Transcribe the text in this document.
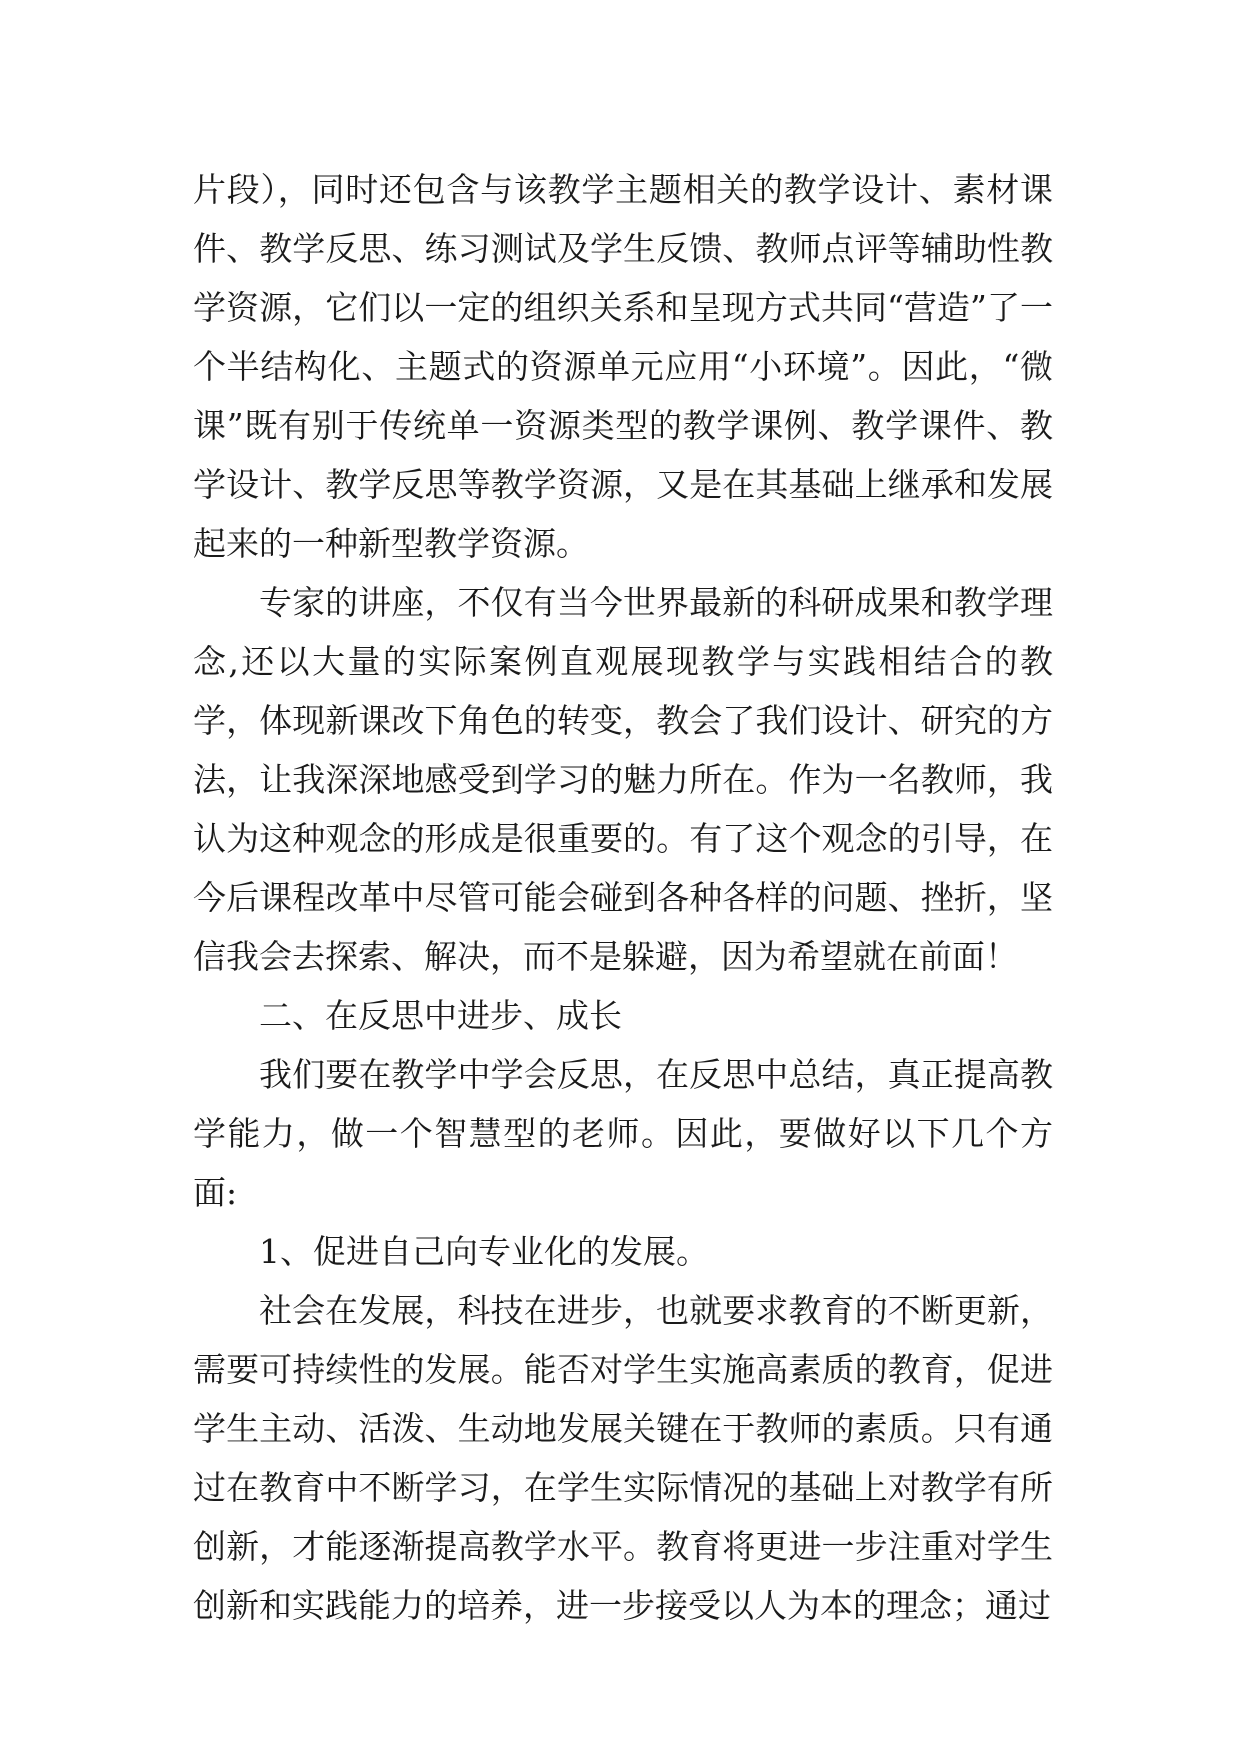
片段），同时还包含与该教学主题相关的教学设计、素材课件、教学反思、练习测试及学生反馈、教师点评等辅助性教学资源，它们以一定的组织关系和呈现方式共同“营造”了一个半结构化、主题式的资源单元应用“小环境”。因此，“微课”既有别于传统单一资源类型的教学课例、教学课件、教学设计、教学反思等教学资源，又是在其基础上继承和发展起来的一种新型教学资源。

专家的讲座，不仅有当今世界最新的科研成果和教学理念,还以大量的实际案例直观展现教学与实践相结合的教学，体现新课改下角色的转变，教会了我们设计、研究的方法，让我深深地感受到学习的魅力所在。作为一名教师，我认为这种观念的形成是很重要的。有了这个观念的引导，在今后课程改革中尽管可能会碰到各种各样的问题、挫折，坚信我会去探索、解决，而不是躲避，因为希望就在前面！

二、在反思中进步、成长

我们要在教学中学会反思，在反思中总结，真正提高教学能力，做一个智慧型的老师。因此，要做好以下几个方面:

1、促进自己向专业化的发展。

社会在发展，科技在进步，也就要求教育的不断更新，需要可持续性的发展。能否对学生实施高素质的教育，促进学生主动、活泼、生动地发展关键在于教师的素质。只有通过在教育中不断学习，在学生实际情况的基础上对教学有所创新，才能逐渐提高教学水平。教育将更进一步注重对学生创新和实践能力的培养，进一步接受以人为本的理念；通过
